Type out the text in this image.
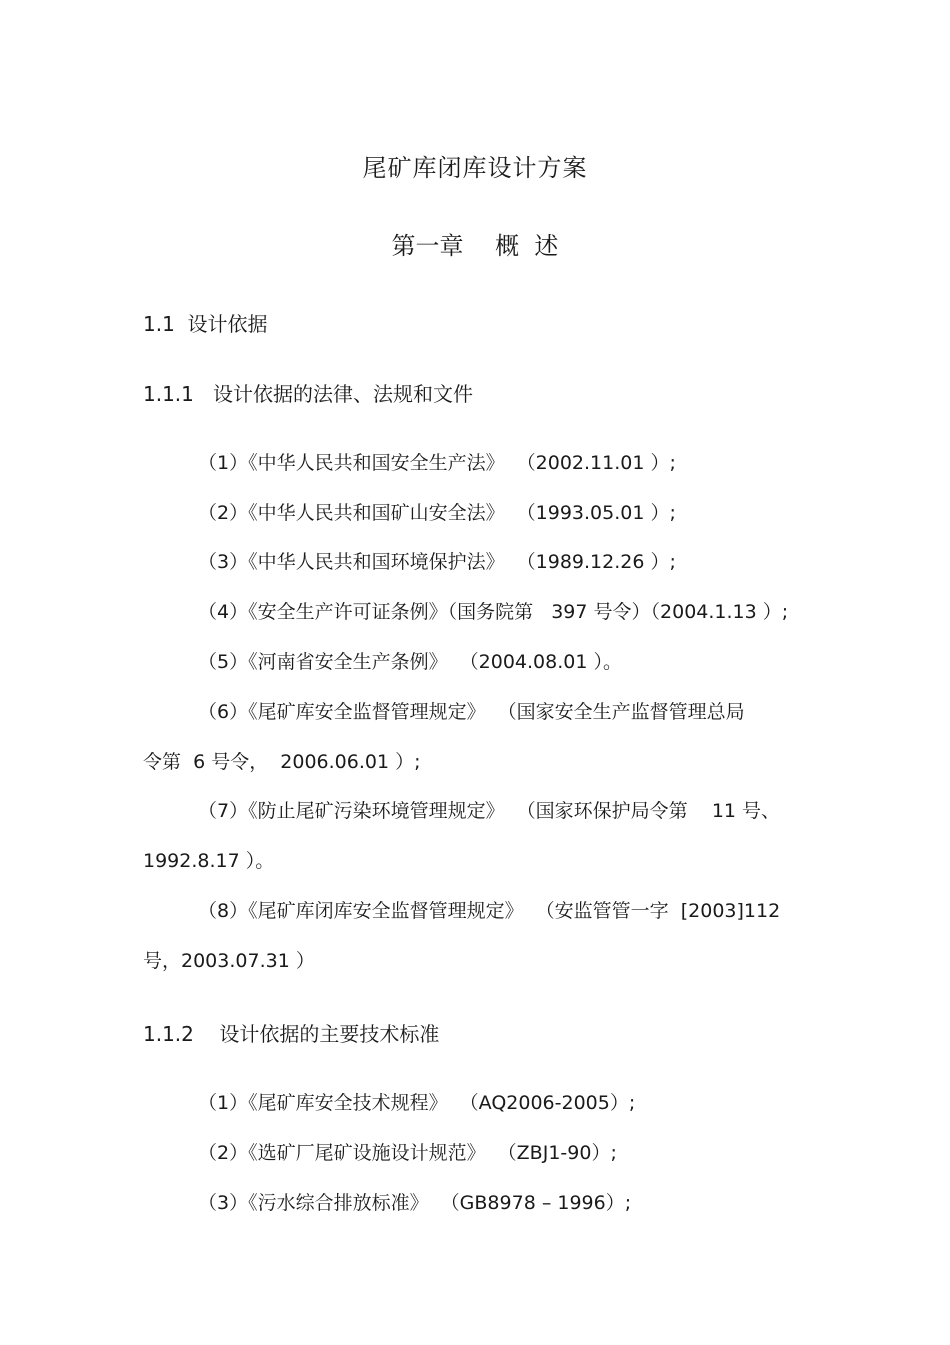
尾矿库闭库设计方案
第一章　 概  述
1.1  设计依据
1.1.1   设计依据的法律、法规和文件
（1）《中华人民共和国安全生产法》  （2002.11.01 ）;
（2）《中华人民共和国矿山安全法》  （1993.05.01 ）;
（3）《中华人民共和国环境保护法》  （1989.12.26 ）;
（4）《安全生产许可证条例》（国务院第   397 号令）（2004.1.13 ）;
（5）《河南省安全生产条例》  （2004.08.01 ）。
（6）《尾矿库安全监督管理规定》  （国家安全生产监督管理总局
令第  6 号令，  2006.06.01 ）;
（7）《防止尾矿污染环境管理规定》  （国家环保护局令第    11 号、
1992.8.17 ）。
（8）《尾矿库闭库安全监督管理规定》  （安监管管一字  [2003]112
号，2003.07.31 ）
1.1.2    设计依据的主要技术标准
（1）《尾矿库安全技术规程》  （AQ2006-2005）;
（2）《选矿厂尾矿设施设计规范》  （ZBJ1-90）;
（3）《污水综合排放标准》  （GB8978 – 1996）;
